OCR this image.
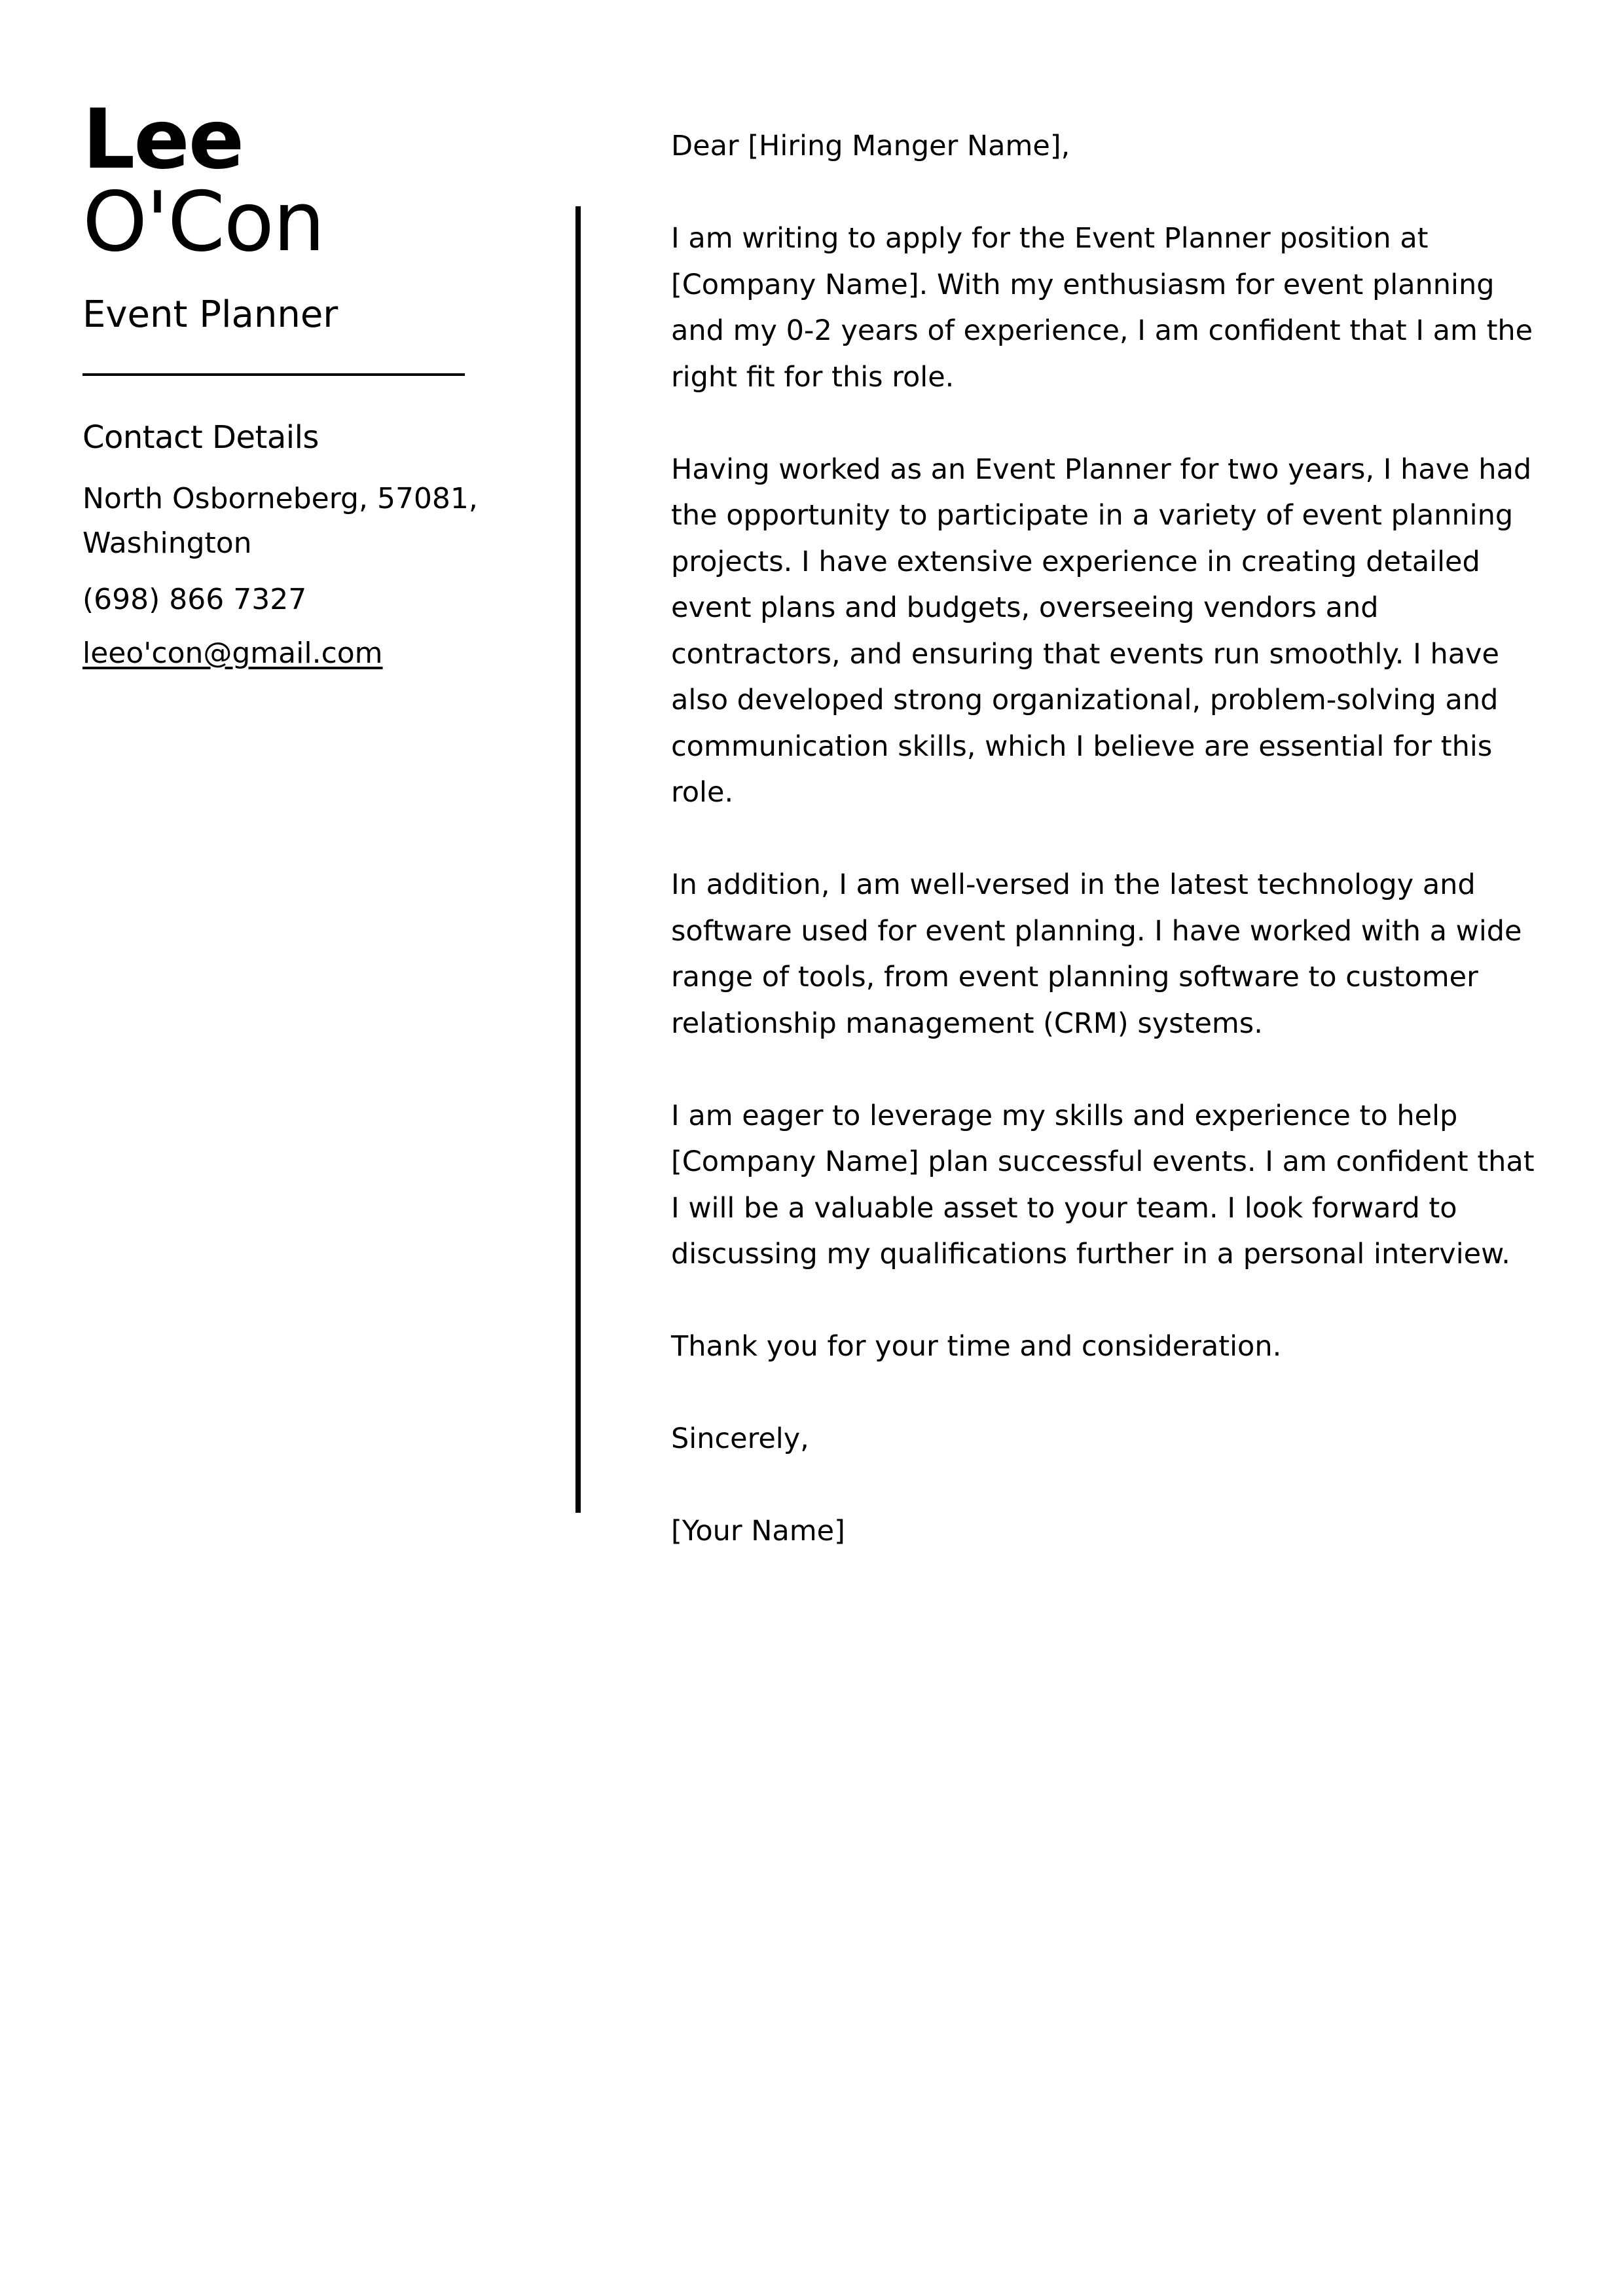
Lee
O'Con
Event Planner
Contact Details
North Osborneberg, 57081, Washington
(698) 866 7327
leeo'con@gmail.com

Dear [Hiring Manger Name],

I am writing to apply for the Event Planner position at [Company Name]. With my enthusiasm for event planning and my 0-2 years of experience, I am confident that I am the right fit for this role.

Having worked as an Event Planner for two years, I have had the opportunity to participate in a variety of event planning projects. I have extensive experience in creating detailed event plans and budgets, overseeing vendors and contractors, and ensuring that events run smoothly. I have also developed strong organizational, problem-solving and communication skills, which I believe are essential for this role.

In addition, I am well-versed in the latest technology and software used for event planning. I have worked with a wide range of tools, from event planning software to customer relationship management (CRM) systems.

I am eager to leverage my skills and experience to help [Company Name] plan successful events. I am confident that I will be a valuable asset to your team. I look forward to discussing my qualifications further in a personal interview.

Thank you for your time and consideration.

Sincerely,

[Your Name]
